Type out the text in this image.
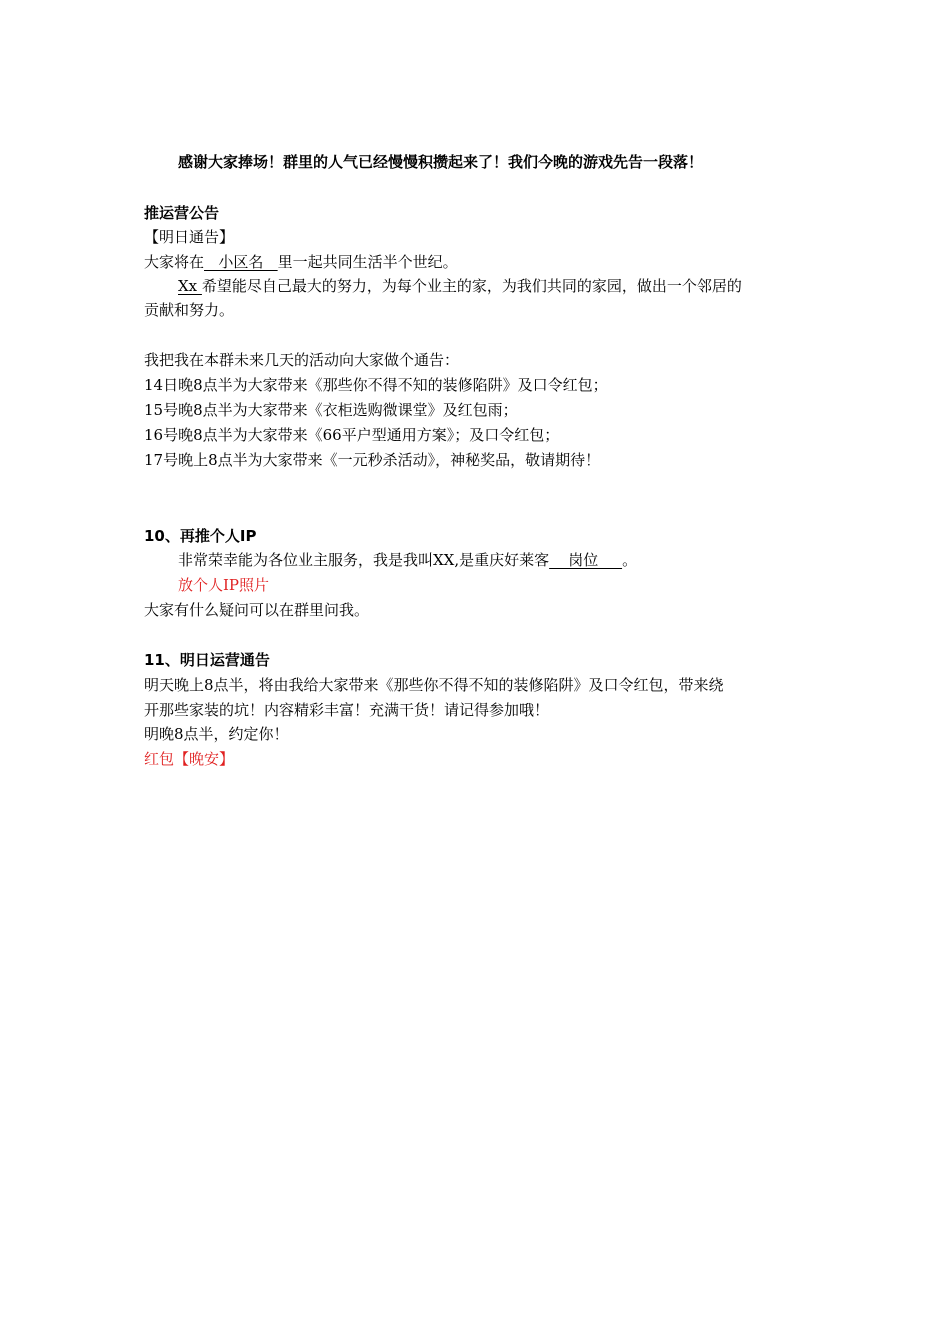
感谢大家捧场！群里的人气已经慢慢积攒起来了！我们今晚的游戏先告一段落！
推运营公告
【明日通告】
大家将在   小区名   里一起共同生活半个世纪。
Xx 希望能尽自己最大的努力，为每个业主的家，为我们共同的家园，做出一个邻居的
贡献和努力。
我把我在本群未来几天的活动向大家做个通告：
14日晚8点半为大家带来《那些你不得不知的装修陷阱》及口令红包；
15号晚8点半为大家带来《衣柜选购微课堂》及红包雨；
16号晚8点半为大家带来《66平户型通用方案》；及口令红包；
17号晚上8点半为大家带来《一元秒杀活动》，神秘奖品，敬请期待！
10、再推个人IP
非常荣幸能为各位业主服务，我是我叫XX,是重庆好莱客    岗位     。
放个人IP照片
大家有什么疑问可以在群里问我。
11、明日运营通告
明天晚上8点半，将由我给大家带来《那些你不得不知的装修陷阱》及口令红包，带来绕
开那些家装的坑！内容精彩丰富！充满干货！请记得参加哦！
明晚8点半，约定你！
红包【晚安】
